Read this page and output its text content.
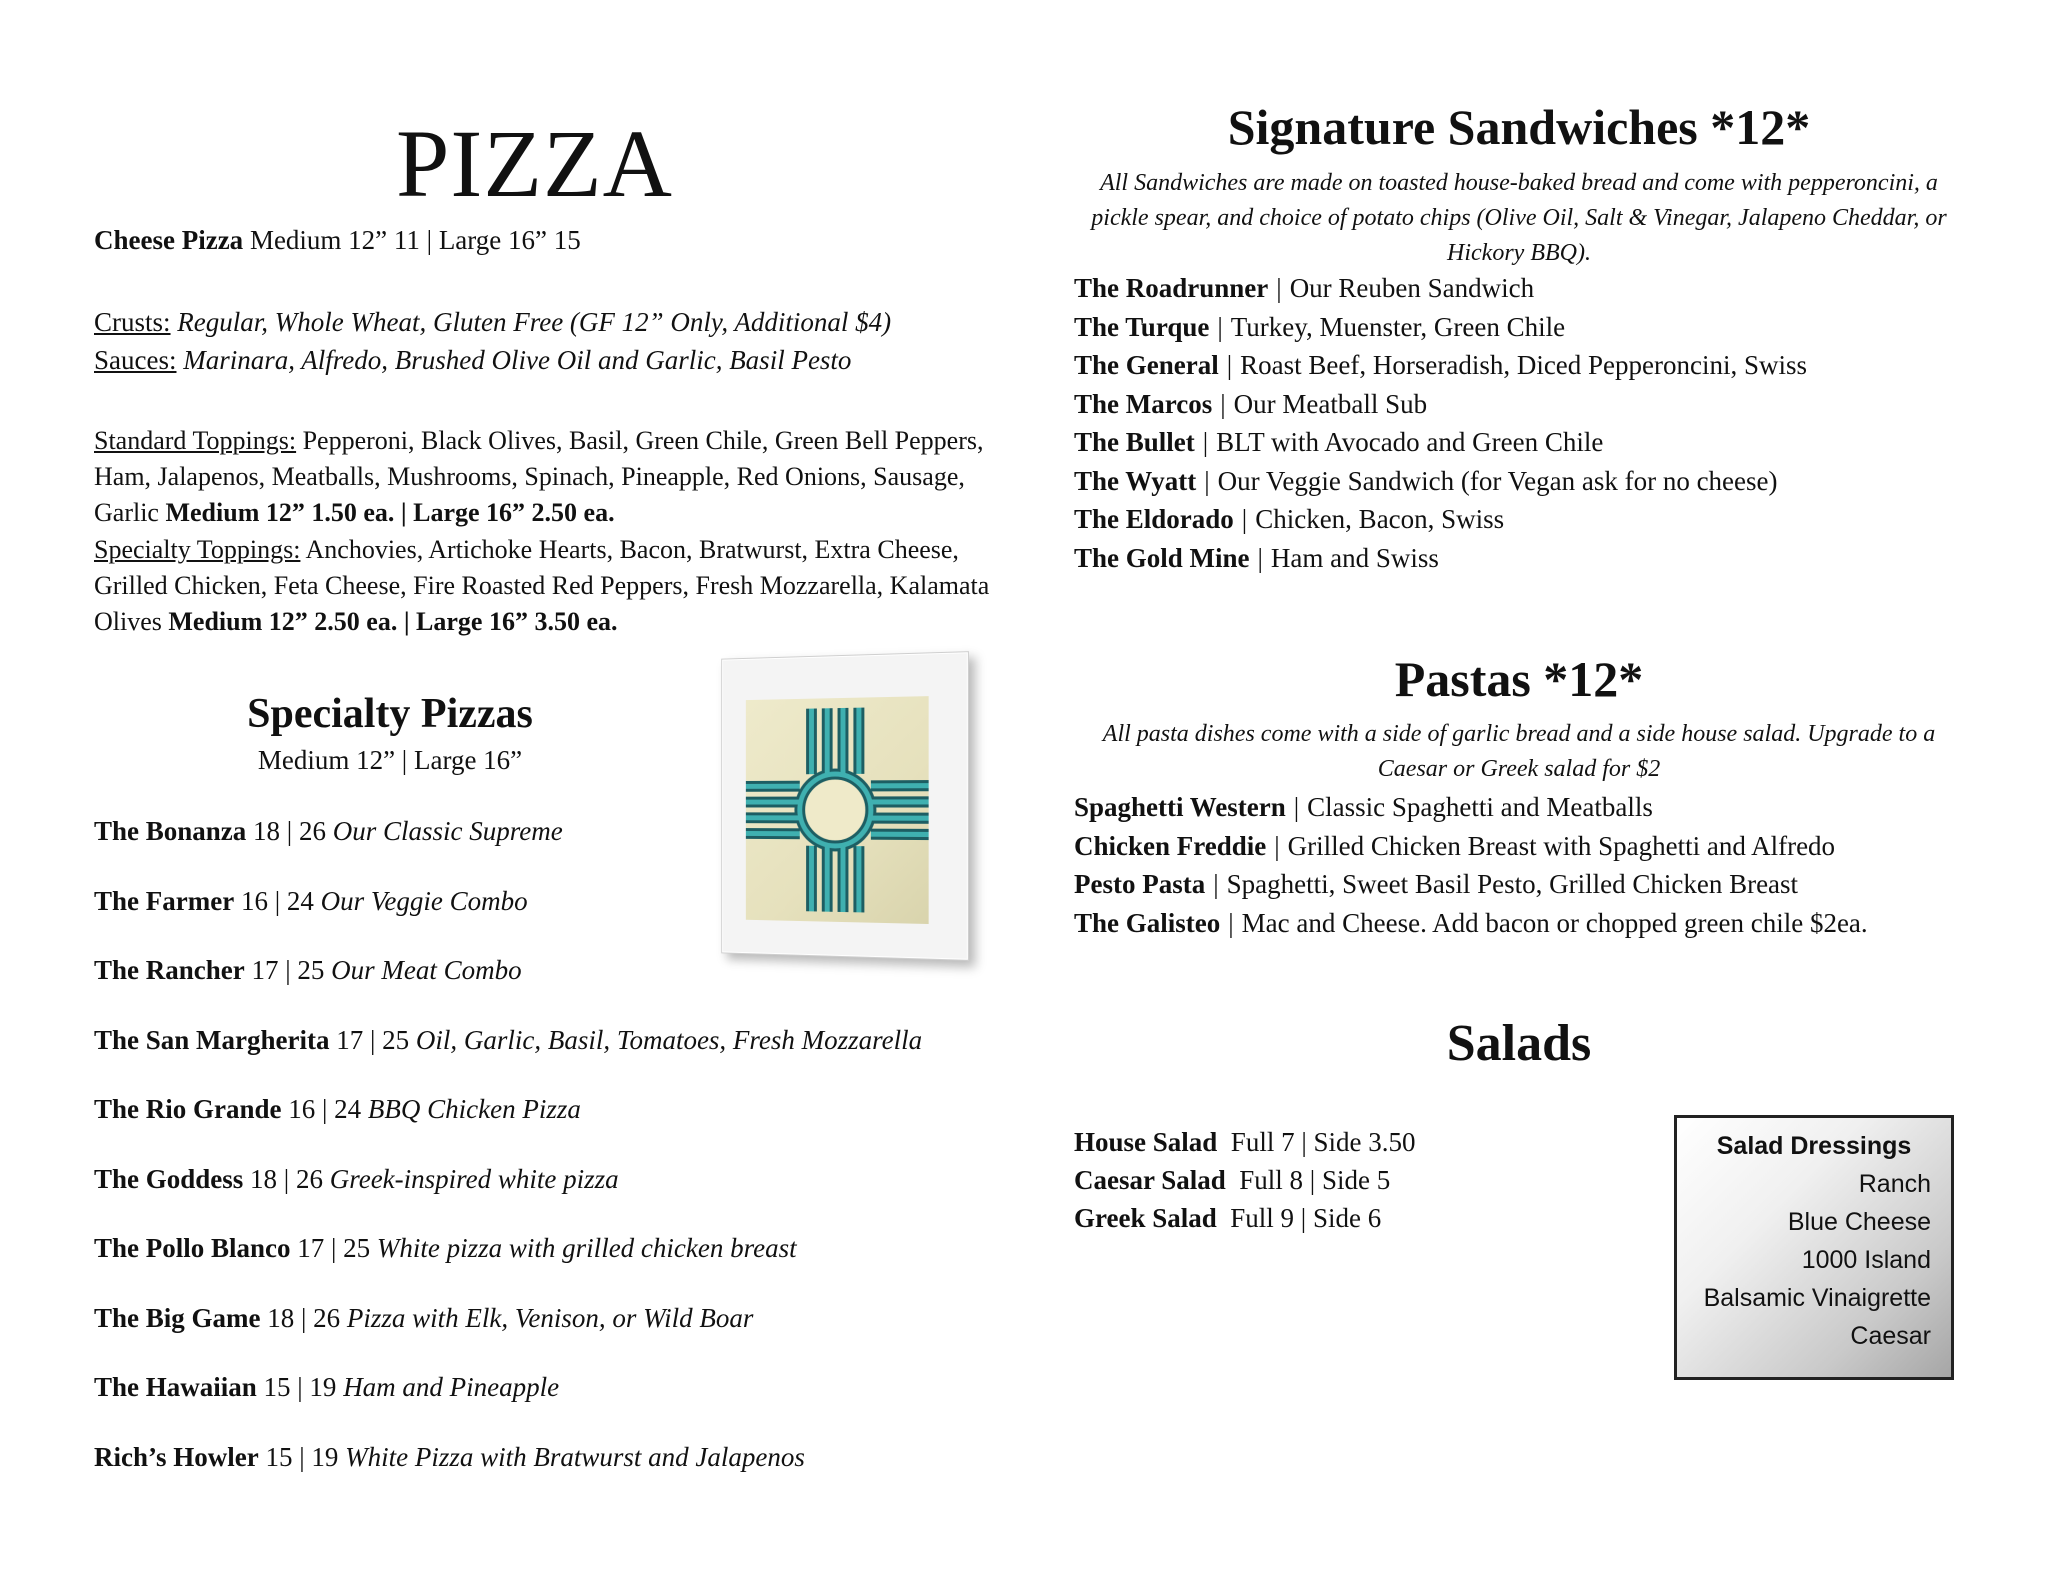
PIZZA
Cheese Pizza Medium 12” 11 | Large 16” 15
Crusts: Regular, Whole Wheat, Gluten Free (GF 12” Only, Additional $4)
Sauces: Marinara, Alfredo, Brushed Olive Oil and Garlic, Basil Pesto
Standard Toppings: Pepperoni, Black Olives, Basil, Green Chile, Green Bell Peppers, Ham, Jalapenos, Meatballs, Mushrooms, Spinach, Pineapple, Red Onions, Sausage, Garlic Medium 12” 1.50 ea. | Large 16” 2.50 ea.
Specialty Toppings: Anchovies, Artichoke Hearts, Bacon, Bratwurst, Extra Cheese, Grilled Chicken, Feta Cheese, Fire Roasted Red Peppers, Fresh Mozzarella, Kalamata Olives Medium 12” 2.50 ea. | Large 16” 3.50 ea.
Specialty Pizzas
Medium 12” | Large 16”
The Bonanza 18 | 26 Our Classic Supreme
The Farmer 16 | 24 Our Veggie Combo
The Rancher 17 | 25 Our Meat Combo
The San Margherita 17 | 25 Oil, Garlic, Basil, Tomatoes, Fresh Mozzarella
The Rio Grande 16 | 24 BBQ Chicken Pizza
The Goddess 18 | 26 Greek-inspired white pizza
The Pollo Blanco 17 | 25 White pizza with grilled chicken breast
The Big Game 18 | 26 Pizza with Elk, Venison, or Wild Boar
The Hawaiian 15 | 19 Ham and Pineapple
Rich’s Howler 15 | 19 White Pizza with Bratwurst and Jalapenos
Signature Sandwiches *12*
All Sandwiches are made on toasted house-baked bread and come with pepperoncini, a pickle spear, and choice of potato chips (Olive Oil, Salt & Vinegar, Jalapeno Cheddar, or Hickory BBQ).
The Roadrunner | Our Reuben Sandwich
The Turque | Turkey, Muenster, Green Chile
The General | Roast Beef, Horseradish, Diced Pepperoncini, Swiss
The Marcos | Our Meatball Sub
The Bullet | BLT with Avocado and Green Chile
The Wyatt | Our Veggie Sandwich (for Vegan ask for no cheese)
The Eldorado | Chicken, Bacon, Swiss
The Gold Mine | Ham and Swiss
Pastas *12*
All pasta dishes come with a side of garlic bread and a side house salad. Upgrade to a Caesar or Greek salad for $2
Spaghetti Western | Classic Spaghetti and Meatballs
Chicken Freddie | Grilled Chicken Breast with Spaghetti and Alfredo
Pesto Pasta | Spaghetti, Sweet Basil Pesto, Grilled Chicken Breast
The Galisteo | Mac and Cheese. Add bacon or chopped green chile $2ea.
Salads
House Salad Full 7 | Side 3.50
Caesar Salad Full 8 | Side 5
Greek Salad Full 9 | Side 6
Salad Dressings
Ranch
Blue Cheese
1000 Island
Balsamic Vinaigrette
Caesar
